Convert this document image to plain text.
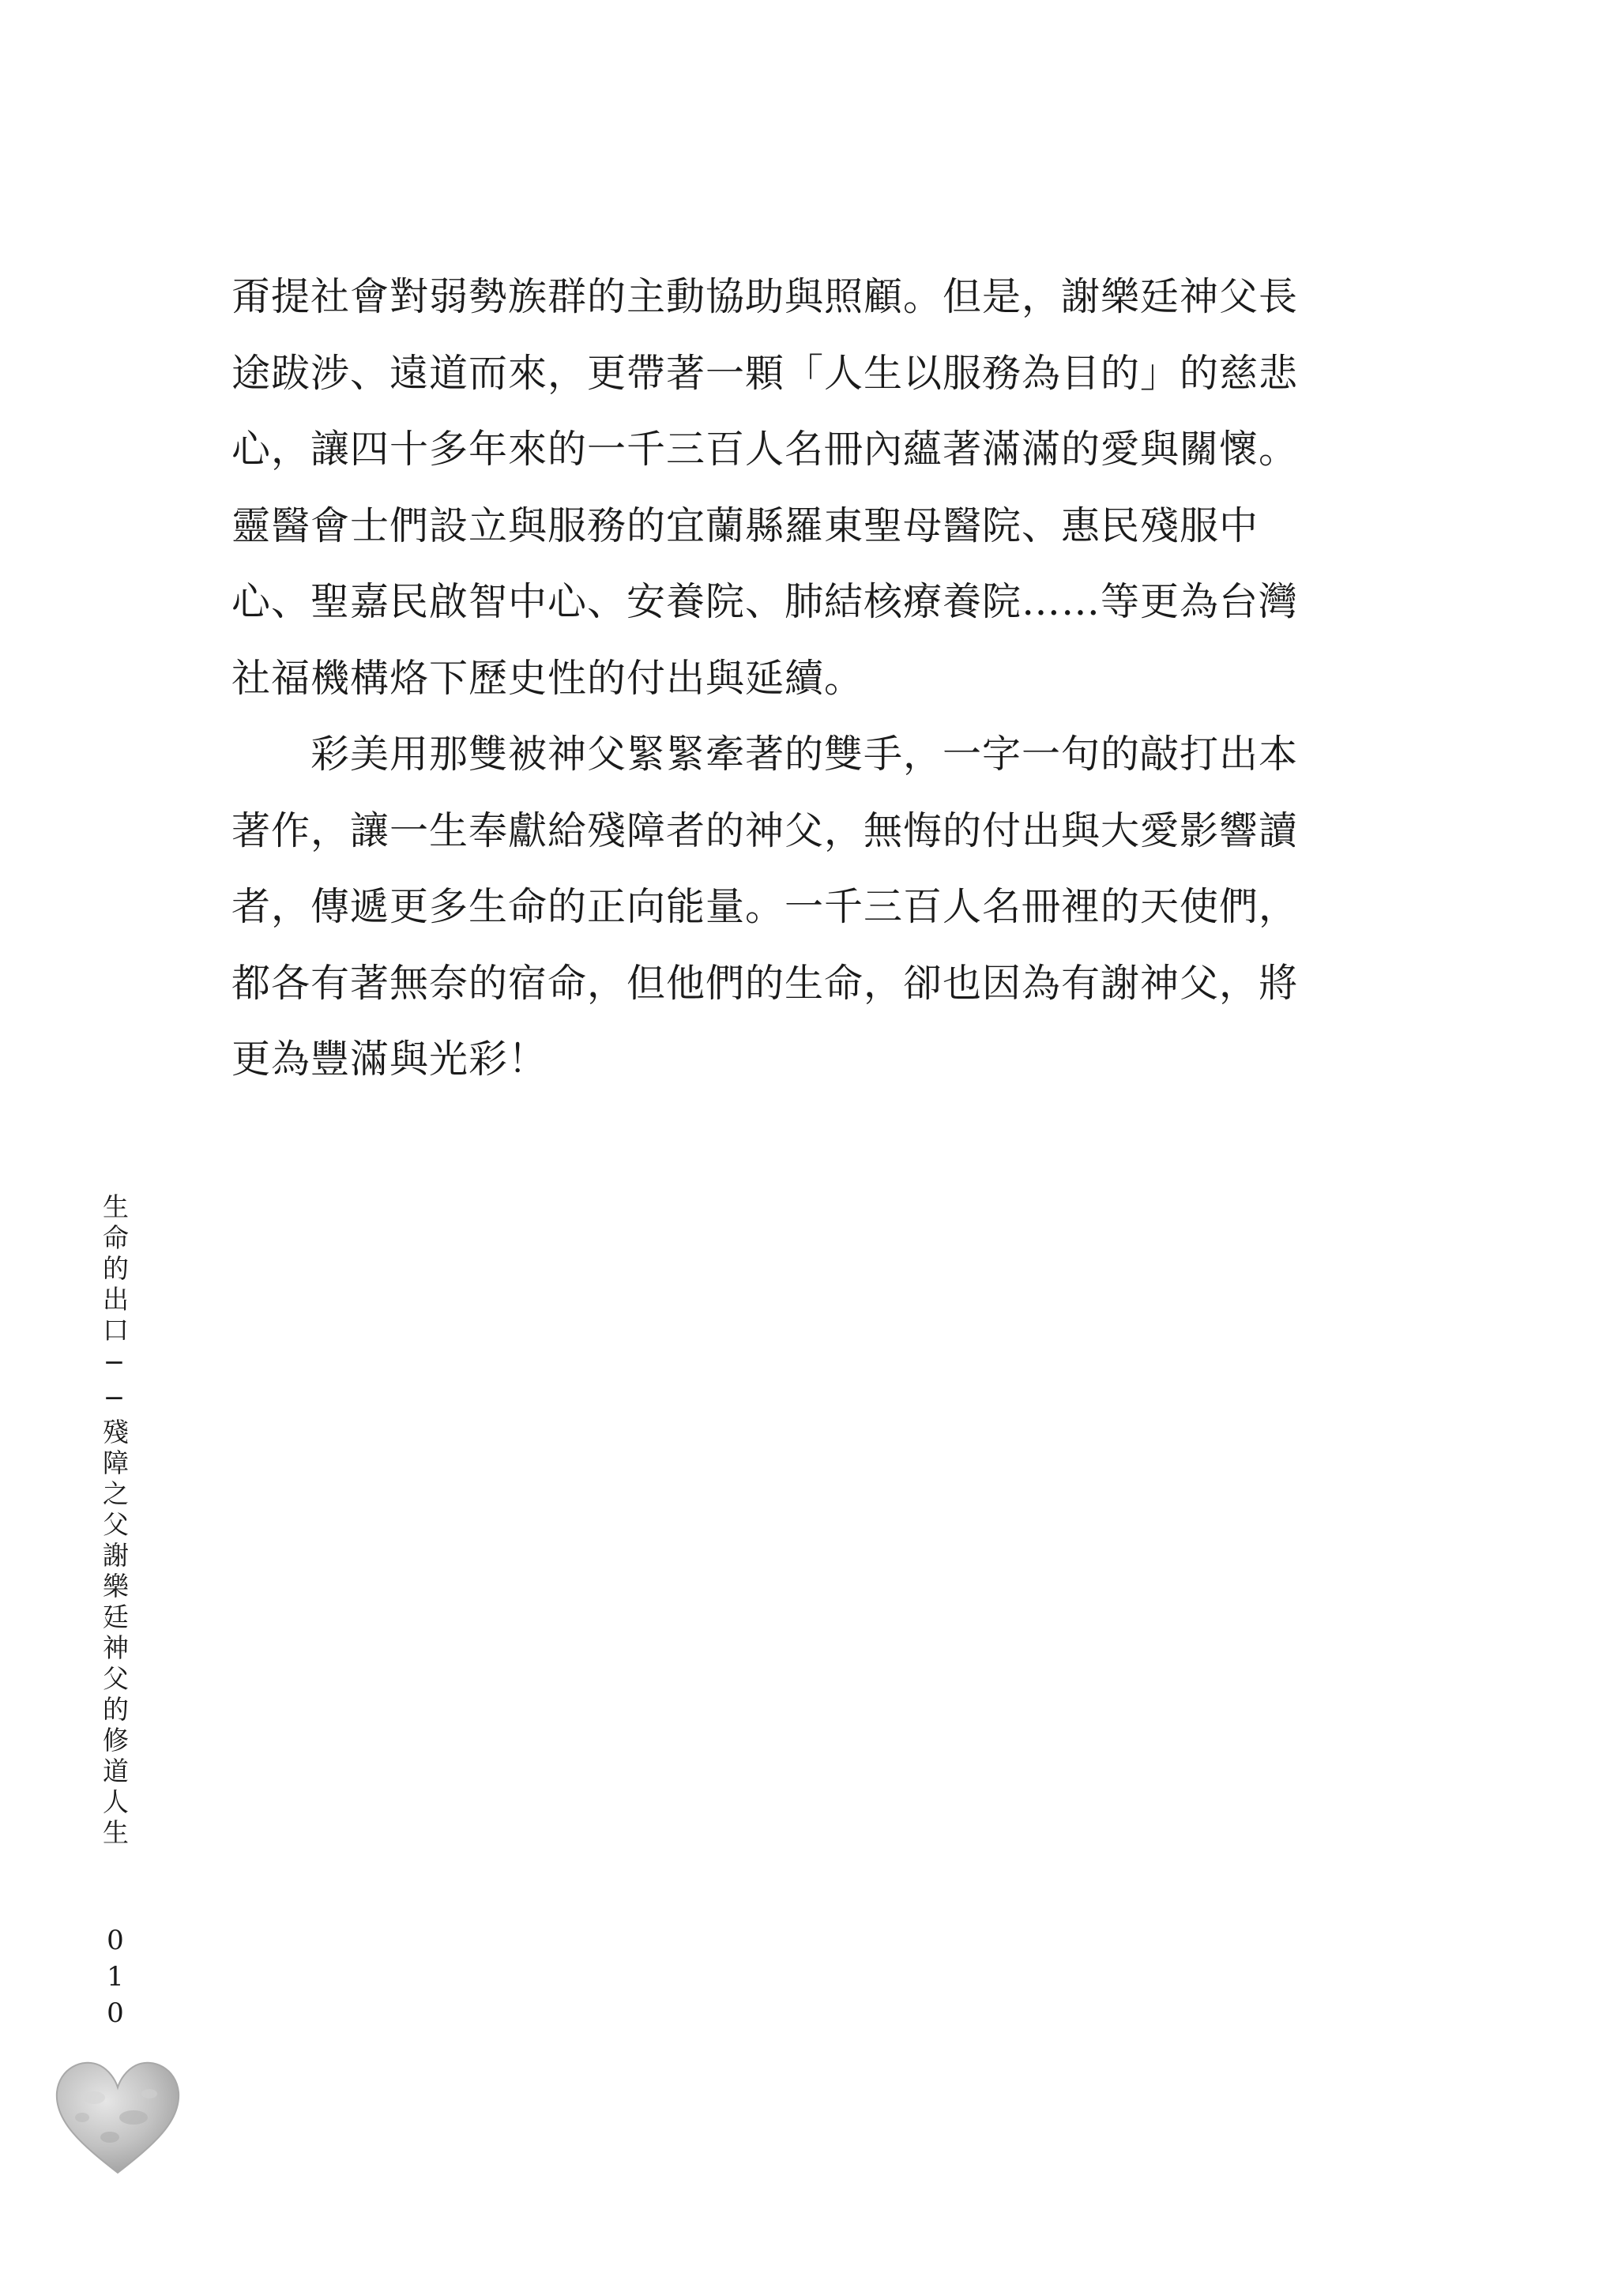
甭提社會對弱勢族群的主動協助與照顧。但是，謝樂廷神父長
途跋涉、遠道而來，更帶著一顆「人生以服務為目的」的慈悲
心，讓四十多年來的一千三百人名冊內蘊著滿滿的愛與關懷。
靈醫會士們設立與服務的宜蘭縣羅東聖母醫院、惠民殘服中
心、聖嘉民啟智中心、安養院、肺結核療養院……等更為台灣
社福機構烙下歷史性的付出與延續。
　　彩美用那雙被神父緊緊牽著的雙手，一字一句的敲打出本
著作，讓一生奉獻給殘障者的神父，無悔的付出與大愛影響讀
者，傳遞更多生命的正向能量。一千三百人名冊裡的天使們，
都各有著無奈的宿命，但他們的生命，卻也因為有謝神父，將
更為豐滿與光彩！
生命的出口──殘障之父謝樂廷神父的修道人生
010
